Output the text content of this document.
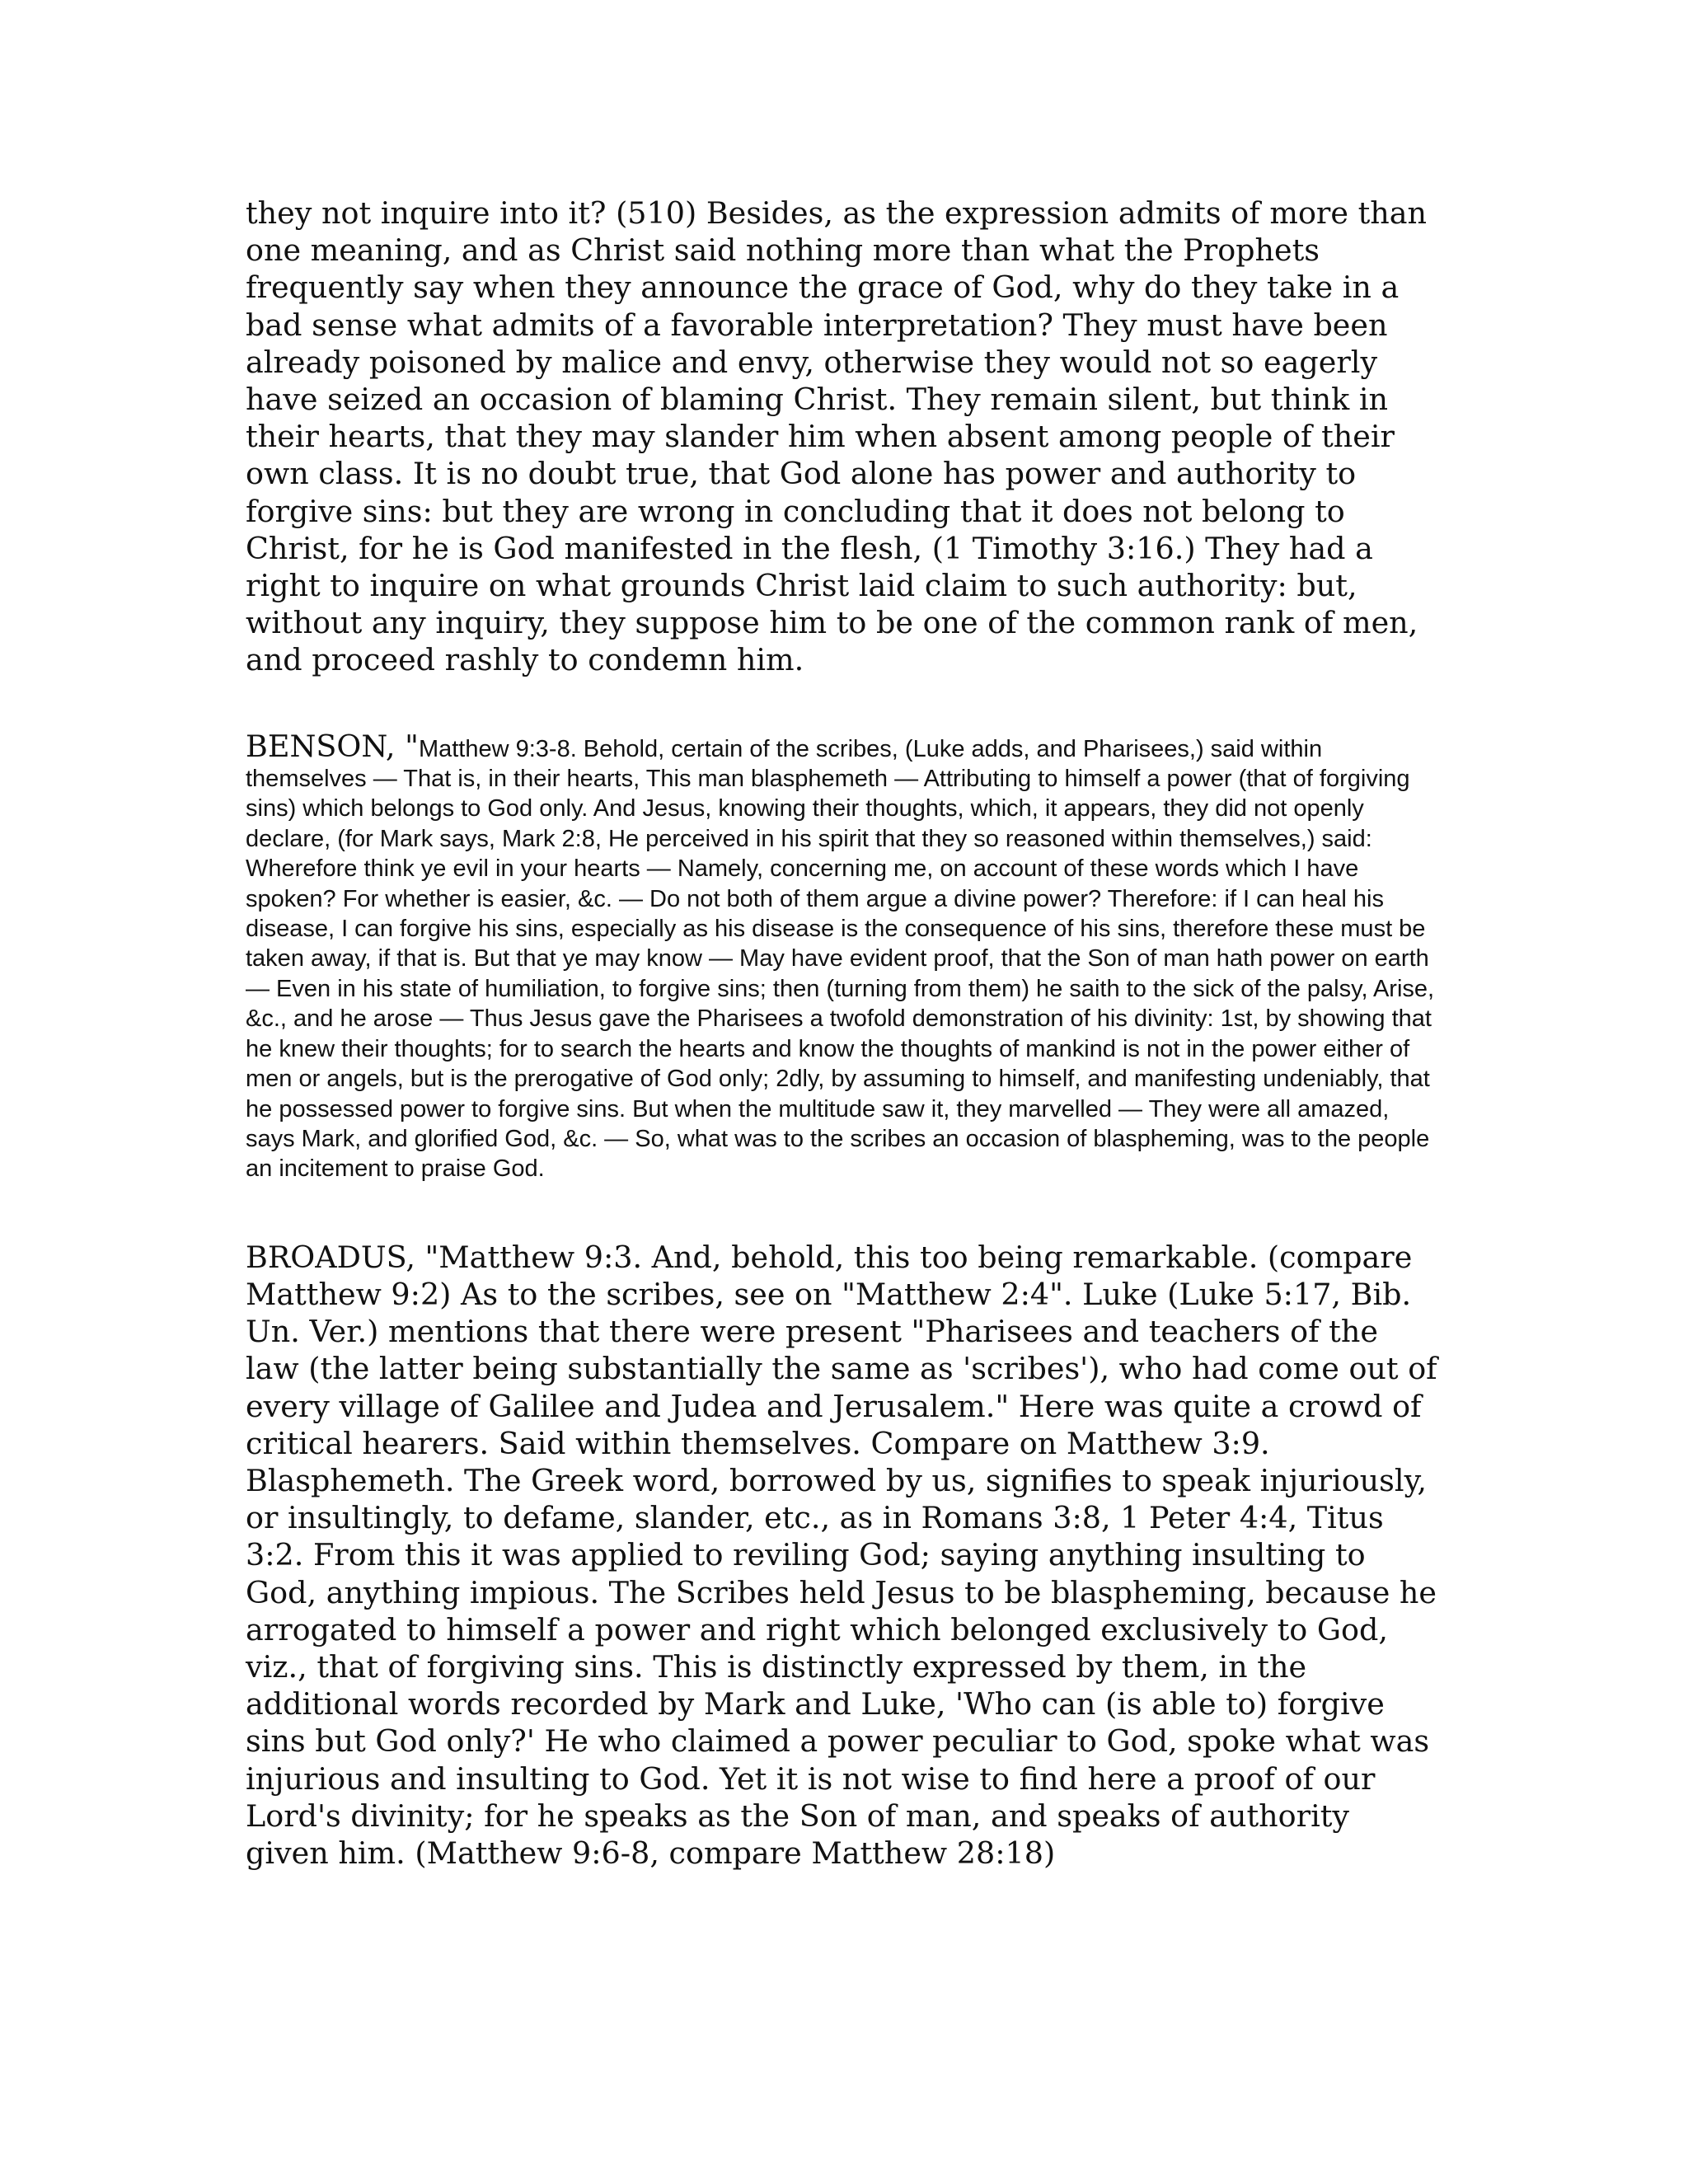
they not inquire into it? (510) Besides, as the expression admits of more than one meaning, and as Christ said nothing more than what the Prophets frequently say when they announce the grace of God, why do they take in a bad sense what admits of a favorable interpretation? They must have been already poisoned by malice and envy, otherwise they would not so eagerly have seized an occasion of blaming Christ. They remain silent, but think in their hearts, that they may slander him when absent among people of their own class. It is no doubt true, that God alone has power and authority to forgive sins: but they are wrong in concluding that it does not belong to Christ, for he is God manifested in the flesh, (1 Timothy 3:16.) They had a right to inquire on what grounds Christ laid claim to such authority: but, without any inquiry, they suppose him to be one of the common rank of men, and proceed rashly to condemn him.

BENSON, "Matthew 9:3-8. Behold, certain of the scribes, (Luke adds, and Pharisees,) said within themselves — That is, in their hearts, This man blasphemeth — Attributing to himself a power (that of forgiving sins) which belongs to God only. And Jesus, knowing their thoughts, which, it appears, they did not openly declare, (for Mark says, Mark 2:8, He perceived in his spirit that they so reasoned within themselves,) said: Wherefore think ye evil in your hearts — Namely, concerning me, on account of these words which I have spoken? For whether is easier, &c. — Do not both of them argue a divine power? Therefore: if I can heal his disease, I can forgive his sins, especially as his disease is the consequence of his sins, therefore these must be taken away, if that is. But that ye may know — May have evident proof, that the Son of man hath power on earth — Even in his state of humiliation, to forgive sins; then (turning from them) he saith to the sick of the palsy, Arise, &c., and he arose — Thus Jesus gave the Pharisees a twofold demonstration of his divinity: 1st, by showing that he knew their thoughts; for to search the hearts and know the thoughts of mankind is not in the power either of men or angels, but is the prerogative of God only; 2dly, by assuming to himself, and manifesting undeniably, that he possessed power to forgive sins. But when the multitude saw it, they marvelled — They were all amazed, says Mark, and glorified God, &c. — So, what was to the scribes an occasion of blaspheming, was to the people an incitement to praise God.

BROADUS, "Matthew 9:3. And, behold, this too being remarkable. (compare Matthew 9:2) As to the scribes, see on "Matthew 2:4". Luke (Luke 5:17, Bib. Un. Ver.) mentions that there were present "Pharisees and teachers of the law (the latter being substantially the same as 'scribes'), who had come out of every village of Galilee and Judea and Jerusalem." Here was quite a crowd of critical hearers. Said within themselves. Compare on Matthew 3:9. Blasphemeth. The Greek word, borrowed by us, signifies to speak injuriously, or insultingly, to defame, slander, etc., as in Romans 3:8, 1 Peter 4:4, Titus 3:2. From this it was applied to reviling God; saying anything insulting to God, anything impious. The Scribes held Jesus to be blaspheming, because he arrogated to himself a power and right which belonged exclusively to God, viz., that of forgiving sins. This is distinctly expressed by them, in the additional words recorded by Mark and Luke, 'Who can (is able to) forgive sins but God only?' He who claimed a power peculiar to God, spoke what was injurious and insulting to God. Yet it is not wise to find here a proof of our Lord's divinity; for he speaks as the Son of man, and speaks of authority given him. (Matthew 9:6-8, compare Matthew 28:18)
